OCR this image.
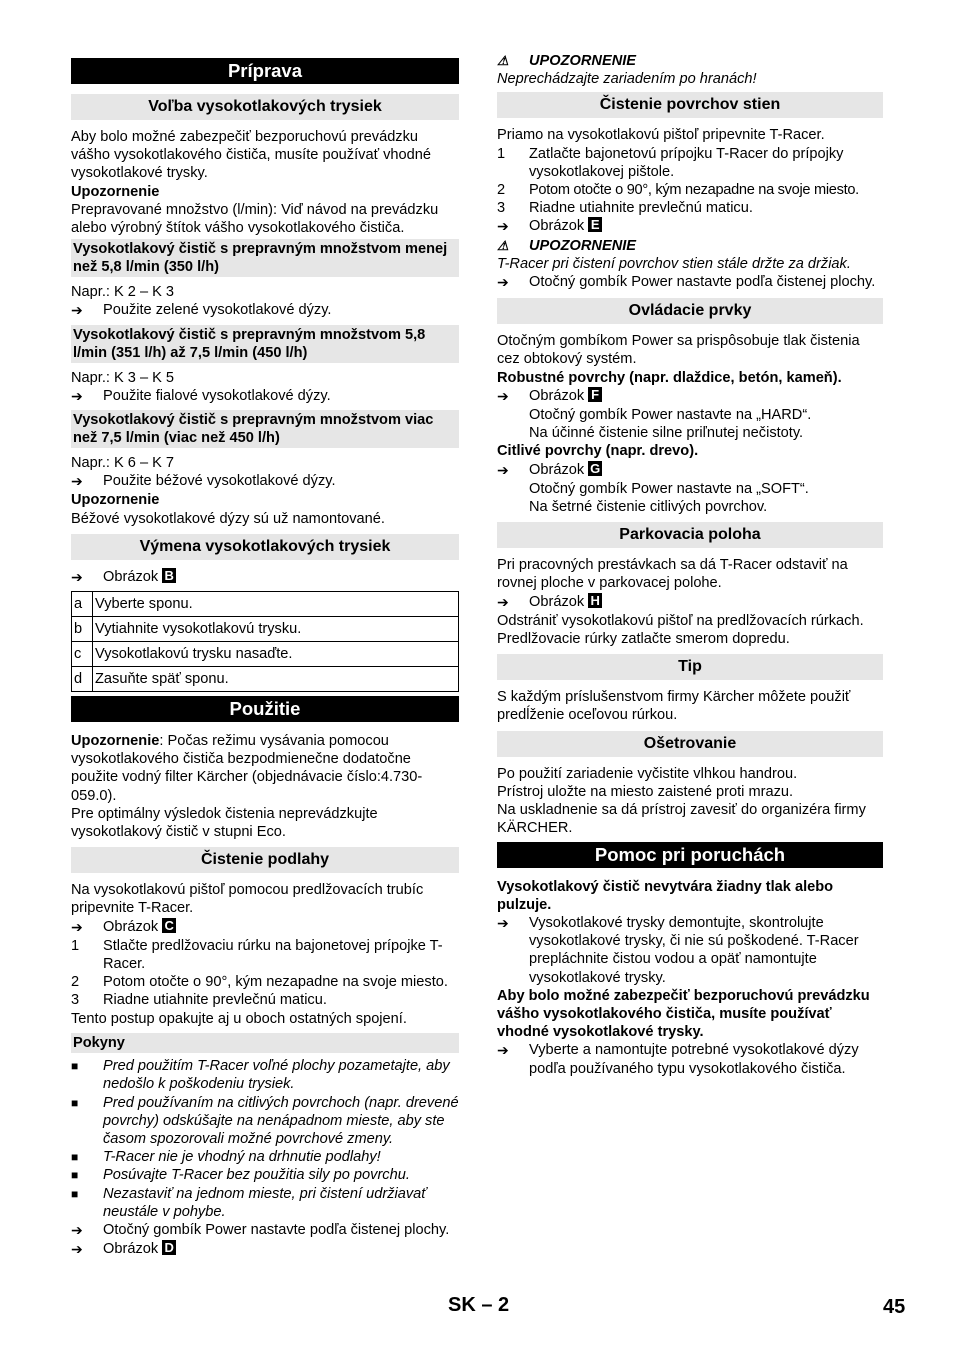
Príprava
Voľba vysokotlakových trysiek

Aby bolo možné zabezpečiť bezporuchovú prevádzku vášho vysokotlakového čističa, musíte používať vhodné vysokotlakové trysky.

Upozornenie

Prepravované množstvo (l/min): Viď návod na prevádzku alebo výrobný štítok vášho vysokotlakového čističa.

Vysokotlakový čistič s prepravným množstvom menej než 5,8 l/min (350 l/h)

Napr.: K 2 – K 3

➔
Použite zelené vysokotlakové dýzy.
Vysokotlakový čistič s prepravným množstvom 5,8 l/min (351 l/h) až 7,5 l/min (450 l/h)

Napr.: K 3 – K 5

➔
Použite fialové vysokotlakové dýzy.
Vysokotlakový čistič s prepravným množstvom viac než 7,5 l/min (viac než 450 l/h)

Napr.: K 6 – K 7

➔
Použite béžové vysokotlakové dýzy.

Upozornenie

Béžové vysokotlakové dýzy sú už namontované.

Výmena vysokotlakových trysiek
➔
Obrázok B
a	Vyberte sponu.
b	Vytiahnite vysokotlakovú trysku.
c	Vysokotlakovú trysku nasaďte.
d	Zasuňte späť sponu.
Použitie

Upozornenie: Počas režimu vysávania pomocou vysokotlakového čističa bezpodmienečne dodatočne použite vodný filter Kärcher (objednávacie číslo:4.730-059.0).

Pre optimálny výsledok čistenia neprevádzkujte vysokotlakový čistič v stupni Eco.

Čistenie podlahy

Na vysokotlakovú pištoľ pomocou predlžovacích trubíc pripevnite T-Racer.

➔
Obrázok C
1	Stlačte predlžovaciu rúrku na bajonetovej prípojke T-Racer.
2	Potom otočte o 90°, kým nezapadne na svoje miesto.
3	Riadne utiahnite prevlečnú maticu.

Tento postup opakujte aj u oboch ostatných spojení.

Pokyny
■
Pred použitím T-Racer voľné plochy pozametajte, aby nedošlo k poškodeniu trysiek.
■
Pred používaním na citlivých povrchoch (napr. drevené povrchy) odskúšajte na nenápadnom mieste, aby ste časom spozorovali možné povrchové zmeny.
■
T-Racer nie je vhodný na drhnutie podlahy!
■
Posúvajte T-Racer bez použitia sily po povrchu.
■
Nezastaviť na jednom mieste, pri čistení udržiavať neustále v pohybe.
➔
Otočný gombík Power nastavte podľa čistenej plochy.
➔
Obrázok D
⚠	UPOZORNENIE

Neprechádzajte zariadením po hranách!

Čistenie povrchov stien

Priamo na vysokotlakovú pištoľ pripevnite T-Racer.

1	Zatlačte bajonetovú prípojku T-Racer do prípojky vysokotlakovej pištole.
2	Potom otočte o 90°, kým nezapadne na svoje miesto.
3	Riadne utiahnite prevlečnú maticu.
➔
Obrázok E
⚠	UPOZORNENIE

T-Racer pri čistení povrchov stien stále držte za držiak.

➔
Otočný gombík Power nastavte podľa čistenej plochy.
Ovládacie prvky

Otočným gombíkom Power sa prispôsobuje tlak čistenia cez obtokový systém.

Robustné povrchy (napr. dlaždice, betón, kameň).

➔
Obrázok F
Otočný gombík Power nastavte na „HARD“.
Na účinné čistenie silne priľnutej nečistoty.

Citlivé povrchy (napr. drevo).

➔
Obrázok G
Otočný gombík Power nastavte na „SOFT“.
Na šetrné čistenie citlivých povrchov.
Parkovacia poloha

Pri pracovných prestávkach sa dá T-Racer odstaviť na rovnej ploche v parkovacej polohe.

➔
Obrázok H

Odstrániť vysokotlakovú pištoľ na predlžovacích rúrkach.

Predlžovacie rúrky zatlačte smerom dopredu.

Tip

S každým príslušenstvom firmy Kärcher môžete použiť predĺženie oceľovou rúrkou.

Ošetrovanie

Po použití zariadenie vyčistite vlhkou handrou.

Prístroj uložte na miesto zaistené proti mrazu.

Na uskladnenie sa dá prístroj zavesiť do organizéra firmy KÄRCHER.

Pomoc pri poruchách

Vysokotlakový čistič nevytvára žiadny tlak alebo pulzuje.

➔
Vysokotlakové trysky demontujte, skontrolujte vysokotlakové trysky, či nie sú poškodené. T-Racer prepláchnite čistou vodou a opäť namontujte vysokotlakové trysky.

Aby bolo možné zabezpečiť bezporuchovú prevádzku vášho vysokotlakového čističa, musíte používať vhodné vysokotlakové trysky.

➔
Vyberte a namontujte potrebné vysokotlakové dýzy podľa používaného typu vysokotlakového čističa.
SK – 2	45
